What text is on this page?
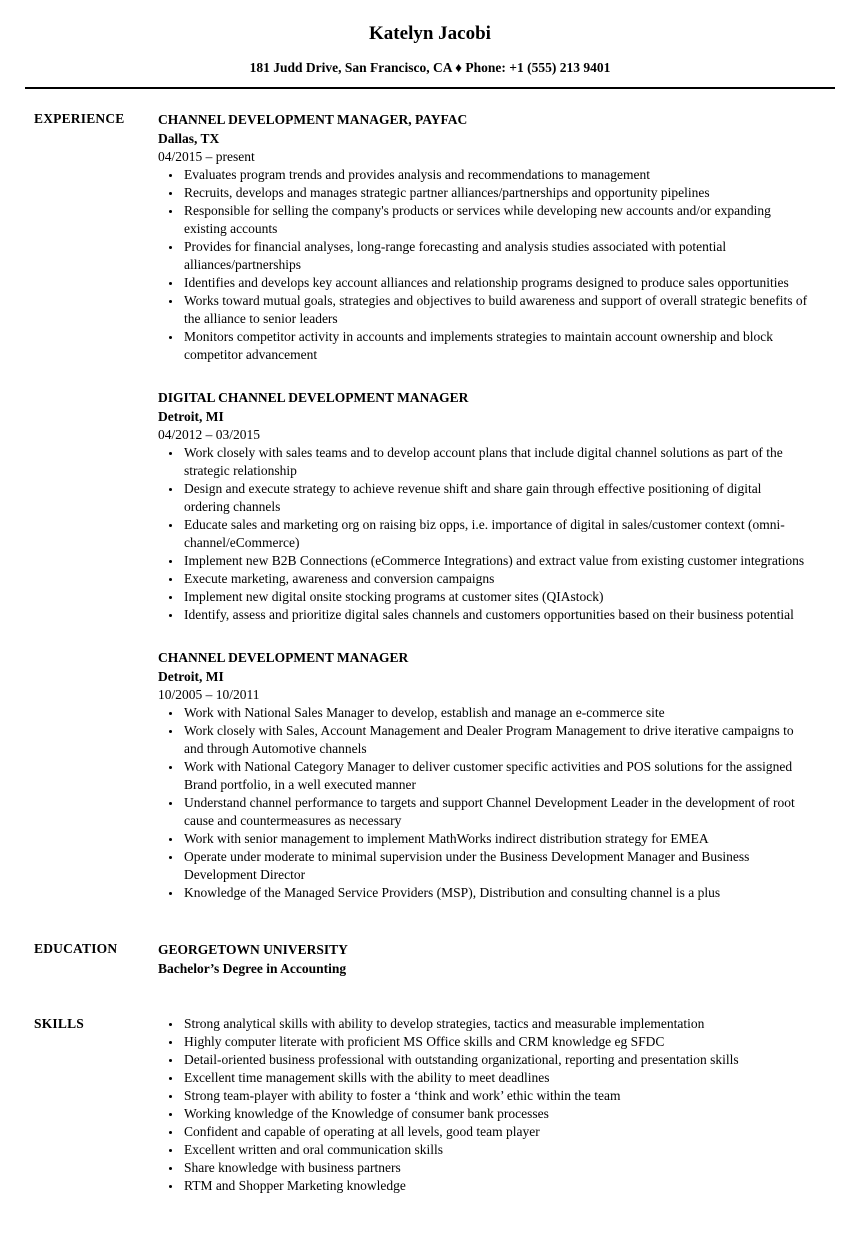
Katelyn Jacobi

181 Judd Drive, San Francisco, CA ♦ Phone: +1 (555) 213 9401

EXPERIENCE	CHANNEL DEVELOPMENT MANAGER, PAYFAC
Dallas, TX
04/2015 – present
• Evaluates program trends and provides analysis and recommendations to management
• Recruits, develops and manages strategic partner alliances/partnerships and opportunity pipelines
• Responsible for selling the company's products or services while developing new accounts and/or expanding existing accounts
• Provides for financial analyses, long-range forecasting and analysis studies associated with potential alliances/partnerships
• Identifies and develops key account alliances and relationship programs designed to produce sales opportunities
• Works toward mutual goals, strategies and objectives to build awareness and support of overall strategic benefits of the alliance to senior leaders
• Monitors competitor activity in accounts and implements strategies to maintain account ownership and block competitor advancement
DIGITAL CHANNEL DEVELOPMENT MANAGER
Detroit, MI
04/2012 – 03/2015
• Work closely with sales teams and to develop account plans that include digital channel solutions as part of the strategic relationship
• Design and execute strategy to achieve revenue shift and share gain through effective positioning of digital ordering channels
• Educate sales and marketing org on raising biz opps, i.e. importance of digital in sales/customer context (omni-channel/eCommerce)
• Implement new B2B Connections (eCommerce Integrations) and extract value from existing customer integrations
• Execute marketing, awareness and conversion campaigns
• Implement new digital onsite stocking programs at customer sites (QIAstock)
• Identify, assess and prioritize digital sales channels and customers opportunities based on their business potential
CHANNEL DEVELOPMENT MANAGER
Detroit, MI
10/2005 – 10/2011
• Work with National Sales Manager to develop, establish and manage an e-commerce site
• Work closely with Sales, Account Management and Dealer Program Management to drive iterative campaigns to and through Automotive channels
• Work with National Category Manager to deliver customer specific activities and POS solutions for the assigned Brand portfolio, in a well executed manner
• Understand channel performance to targets and support Channel Development Leader in the development of root cause and countermeasures as necessary
• Work with senior management to implement MathWorks indirect distribution strategy for EMEA
• Operate under moderate to minimal supervision under the Business Development Manager and Business Development Director
• Knowledge of the Managed Service Providers (MSP), Distribution and consulting channel is a plus
EDUCATION	GEORGETOWN UNIVERSITY
Bachelor’s Degree in Accounting
SKILLS	• Strong analytical skills with ability to develop strategies, tactics and measurable implementation
• Highly computer literate with proficient MS Office skills and CRM knowledge eg SFDC
• Detail-oriented business professional with outstanding organizational, reporting and presentation skills
• Excellent time management skills with the ability to meet deadlines
• Strong team-player with ability to foster a ‘think and work’ ethic within the team
• Working knowledge of the Knowledge of consumer bank processes
• Confident and capable of operating at all levels, good team player
• Excellent written and oral communication skills
• Share knowledge with business partners
• RTM and Shopper Marketing knowledge
